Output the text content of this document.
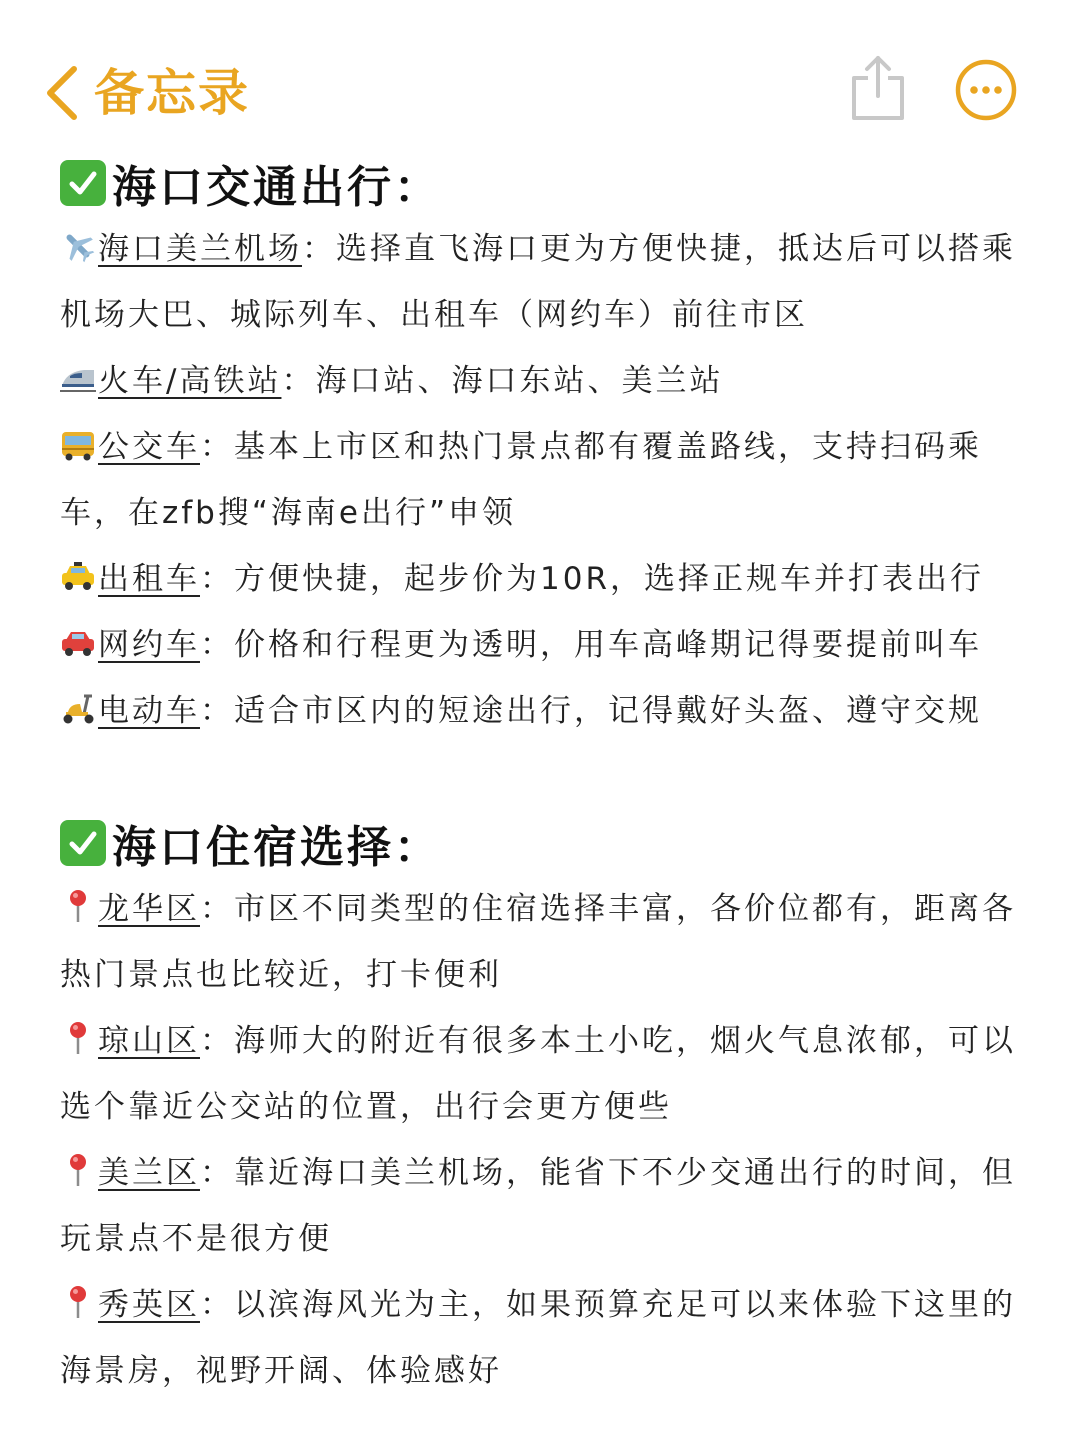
备忘录
海口交通出行：
海口美兰机场：选择直飞海口更为方便快捷，抵达后可以搭乘机场大巴、城际列车、出租车（网约车）前往市区
火车/高铁站：海口站、海口东站、美兰站
公交车：基本上市区和热门景点都有覆盖路线，支持扫码乘车，在zfb搜“海南e出行”申领
出租车：方便快捷，起步价为10R，选择正规车并打表出行
网约车：价格和行程更为透明，用车高峰期记得要提前叫车
电动车：适合市区内的短途出行，记得戴好头盔、遵守交规
海口住宿选择：
龙华区：市区不同类型的住宿选择丰富，各价位都有，距离各热门景点也比较近，打卡便利
琼山区：海师大的附近有很多本土小吃，烟火气息浓郁，可以选个靠近公交站的位置，出行会更方便些
美兰区：靠近海口美兰机场，能省下不少交通出行的时间，但玩景点不是很方便
秀英区：以滨海风光为主，如果预算充足可以来体验下这里的海景房，视野开阔、体验感好
